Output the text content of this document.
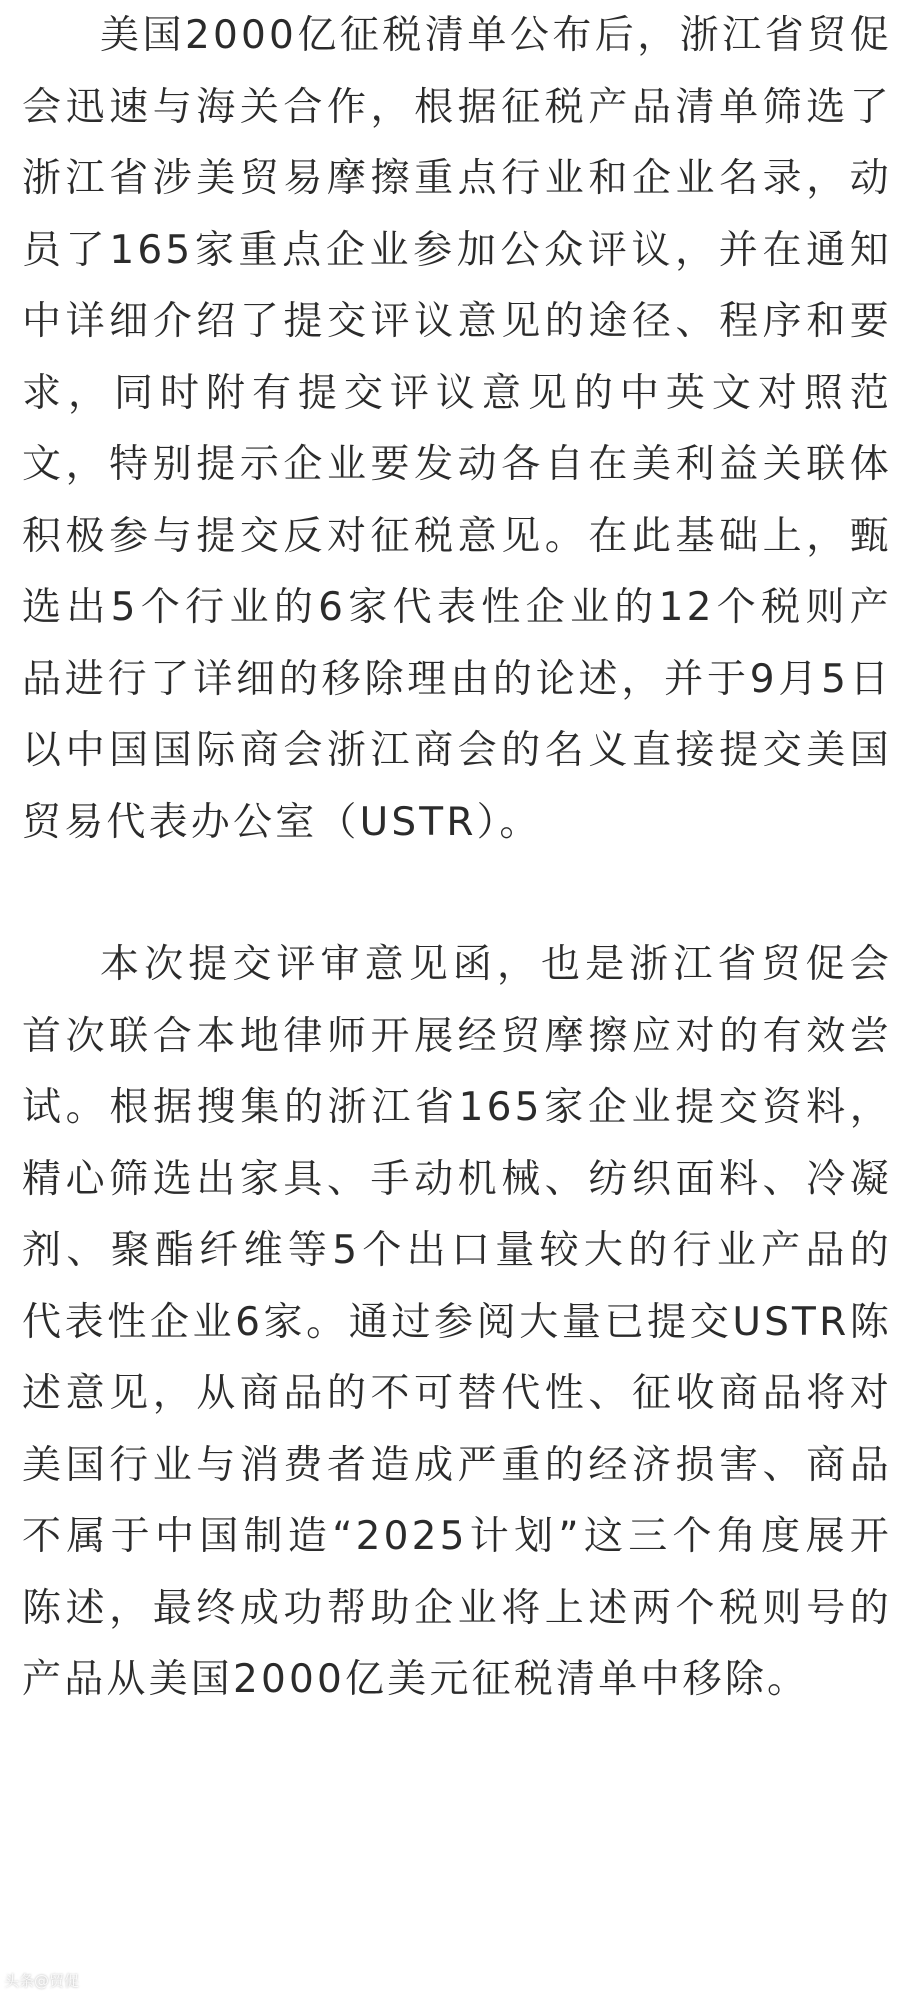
美国2000亿征税清单公布后，浙江省贸促会迅速与海关合作，根据征税产品清单筛选了浙江省涉美贸易摩擦重点行业和企业名录，动员了165家重点企业参加公众评议，并在通知中详细介绍了提交评议意见的途径、程序和要求，同时附有提交评议意见的中英文对照范文，特别提示企业要发动各自在美利益关联体积极参与提交反对征税意见。在此基础上，甄选出5个行业的6家代表性企业的12个税则产品进行了详细的移除理由的论述，并于9月5日以中国国际商会浙江商会的名义直接提交美国贸易代表办公室（USTR）。

本次提交评审意见函，也是浙江省贸促会首次联合本地律师开展经贸摩擦应对的有效尝试。根据搜集的浙江省165家企业提交资料，精心筛选出家具、手动机械、纺织面料、冷凝剂、聚酯纤维等5个出口量较大的行业产品的代表性企业6家。通过参阅大量已提交USTR陈述意见，从商品的不可替代性、征收商品将对美国行业与消费者造成严重的经济损害、商品不属于中国制造“2025计划”这三个角度展开陈述，最终成功帮助企业将上述两个税则号的产品从美国2000亿美元征税清单中移除。

头条@贸促
